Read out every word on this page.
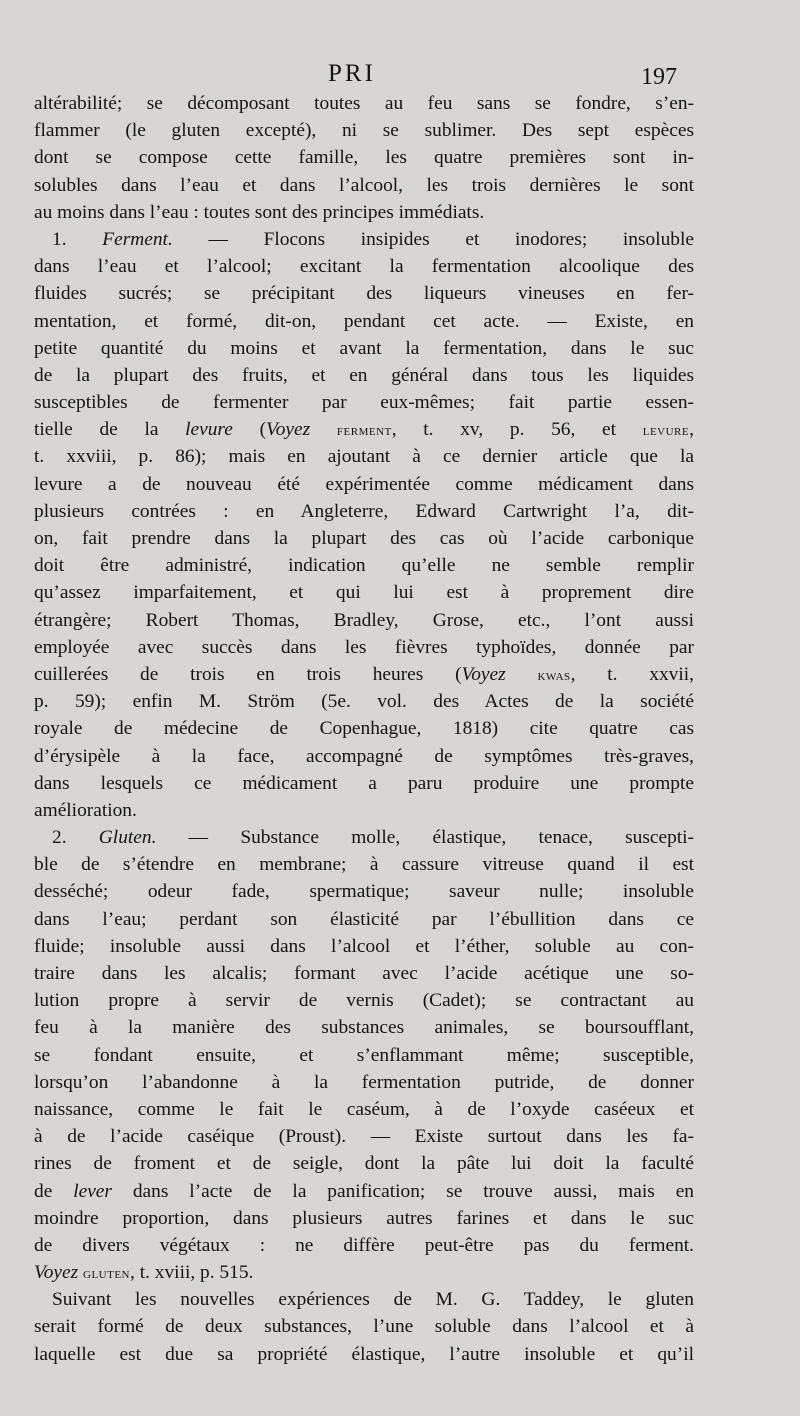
PRI	197
altérabilité; se décomposant toutes au feu sans se fondre, s’en-
flammer (le gluten excepté), ni se sublimer. Des sept espèces
dont se compose cette famille, les quatre premières sont in-
solubles dans l’eau et dans l’alcool, les trois dernières le sont
au moins dans l’eau : toutes sont des principes immédiats.
1. Ferment. — Flocons insipides et inodores; insoluble
dans l’eau et l’alcool; excitant la fermentation alcoolique des
fluides sucrés; se précipitant des liqueurs vineuses en fer-
mentation, et formé, dit-on, pendant cet acte. — Existe, en
petite quantité du moins et avant la fermentation, dans le suc
de la plupart des fruits, et en général dans tous les liquides
susceptibles de fermenter par eux-mêmes; fait partie essen-
tielle de la levure (Voyez ferment, t. xv, p. 56, et levure,
t. xxviii, p. 86); mais en ajoutant à ce dernier article que la
levure a de nouveau été expérimentée comme médicament dans
plusieurs contrées : en Angleterre, Edward Cartwright l’a, dit-
on, fait prendre dans la plupart des cas où l’acide carbonique
doit être administré, indication qu’elle ne semble remplir
qu’assez imparfaitement, et qui lui est à proprement dire
étrangère; Robert Thomas, Bradley, Grose, etc., l’ont aussi
employée avec succès dans les fièvres typhoïdes, donnée par
cuillerées de trois en trois heures (Voyez kwas, t. xxvii,
p. 59); enfin M. Ström (5e. vol. des Actes de la société
royale de médecine de Copenhague, 1818) cite quatre cas
d’érysipèle à la face, accompagné de symptômes très-graves,
dans lesquels ce médicament a paru produire une prompte
amélioration.
2. Gluten. — Substance molle, élastique, tenace, suscepti-
ble de s’étendre en membrane; à cassure vitreuse quand il est
desséché; odeur fade, spermatique; saveur nulle; insoluble
dans l’eau; perdant son élasticité par l’ébullition dans ce
fluide; insoluble aussi dans l’alcool et l’éther, soluble au con-
traire dans les alcalis; formant avec l’acide acétique une so-
lution propre à servir de vernis (Cadet); se contractant au
feu à la manière des substances animales, se boursoufflant,
se fondant ensuite, et s’enflammant même; susceptible,
lorsqu’on l’abandonne à la fermentation putride, de donner
naissance, comme le fait le caséum, à de l’oxyde caséeux et
à de l’acide caséique (Proust). — Existe surtout dans les fa-
rines de froment et de seigle, dont la pâte lui doit la faculté
de lever dans l’acte de la panification; se trouve aussi, mais en
moindre proportion, dans plusieurs autres farines et dans le suc
de divers végétaux : ne diffère peut-être pas du ferment.
Voyez gluten, t. xviii, p. 515.
Suivant les nouvelles expériences de M. G. Taddey, le gluten
serait formé de deux substances, l’une soluble dans l’alcool et à
laquelle est due sa propriété élastique, l’autre insoluble et qu’il
